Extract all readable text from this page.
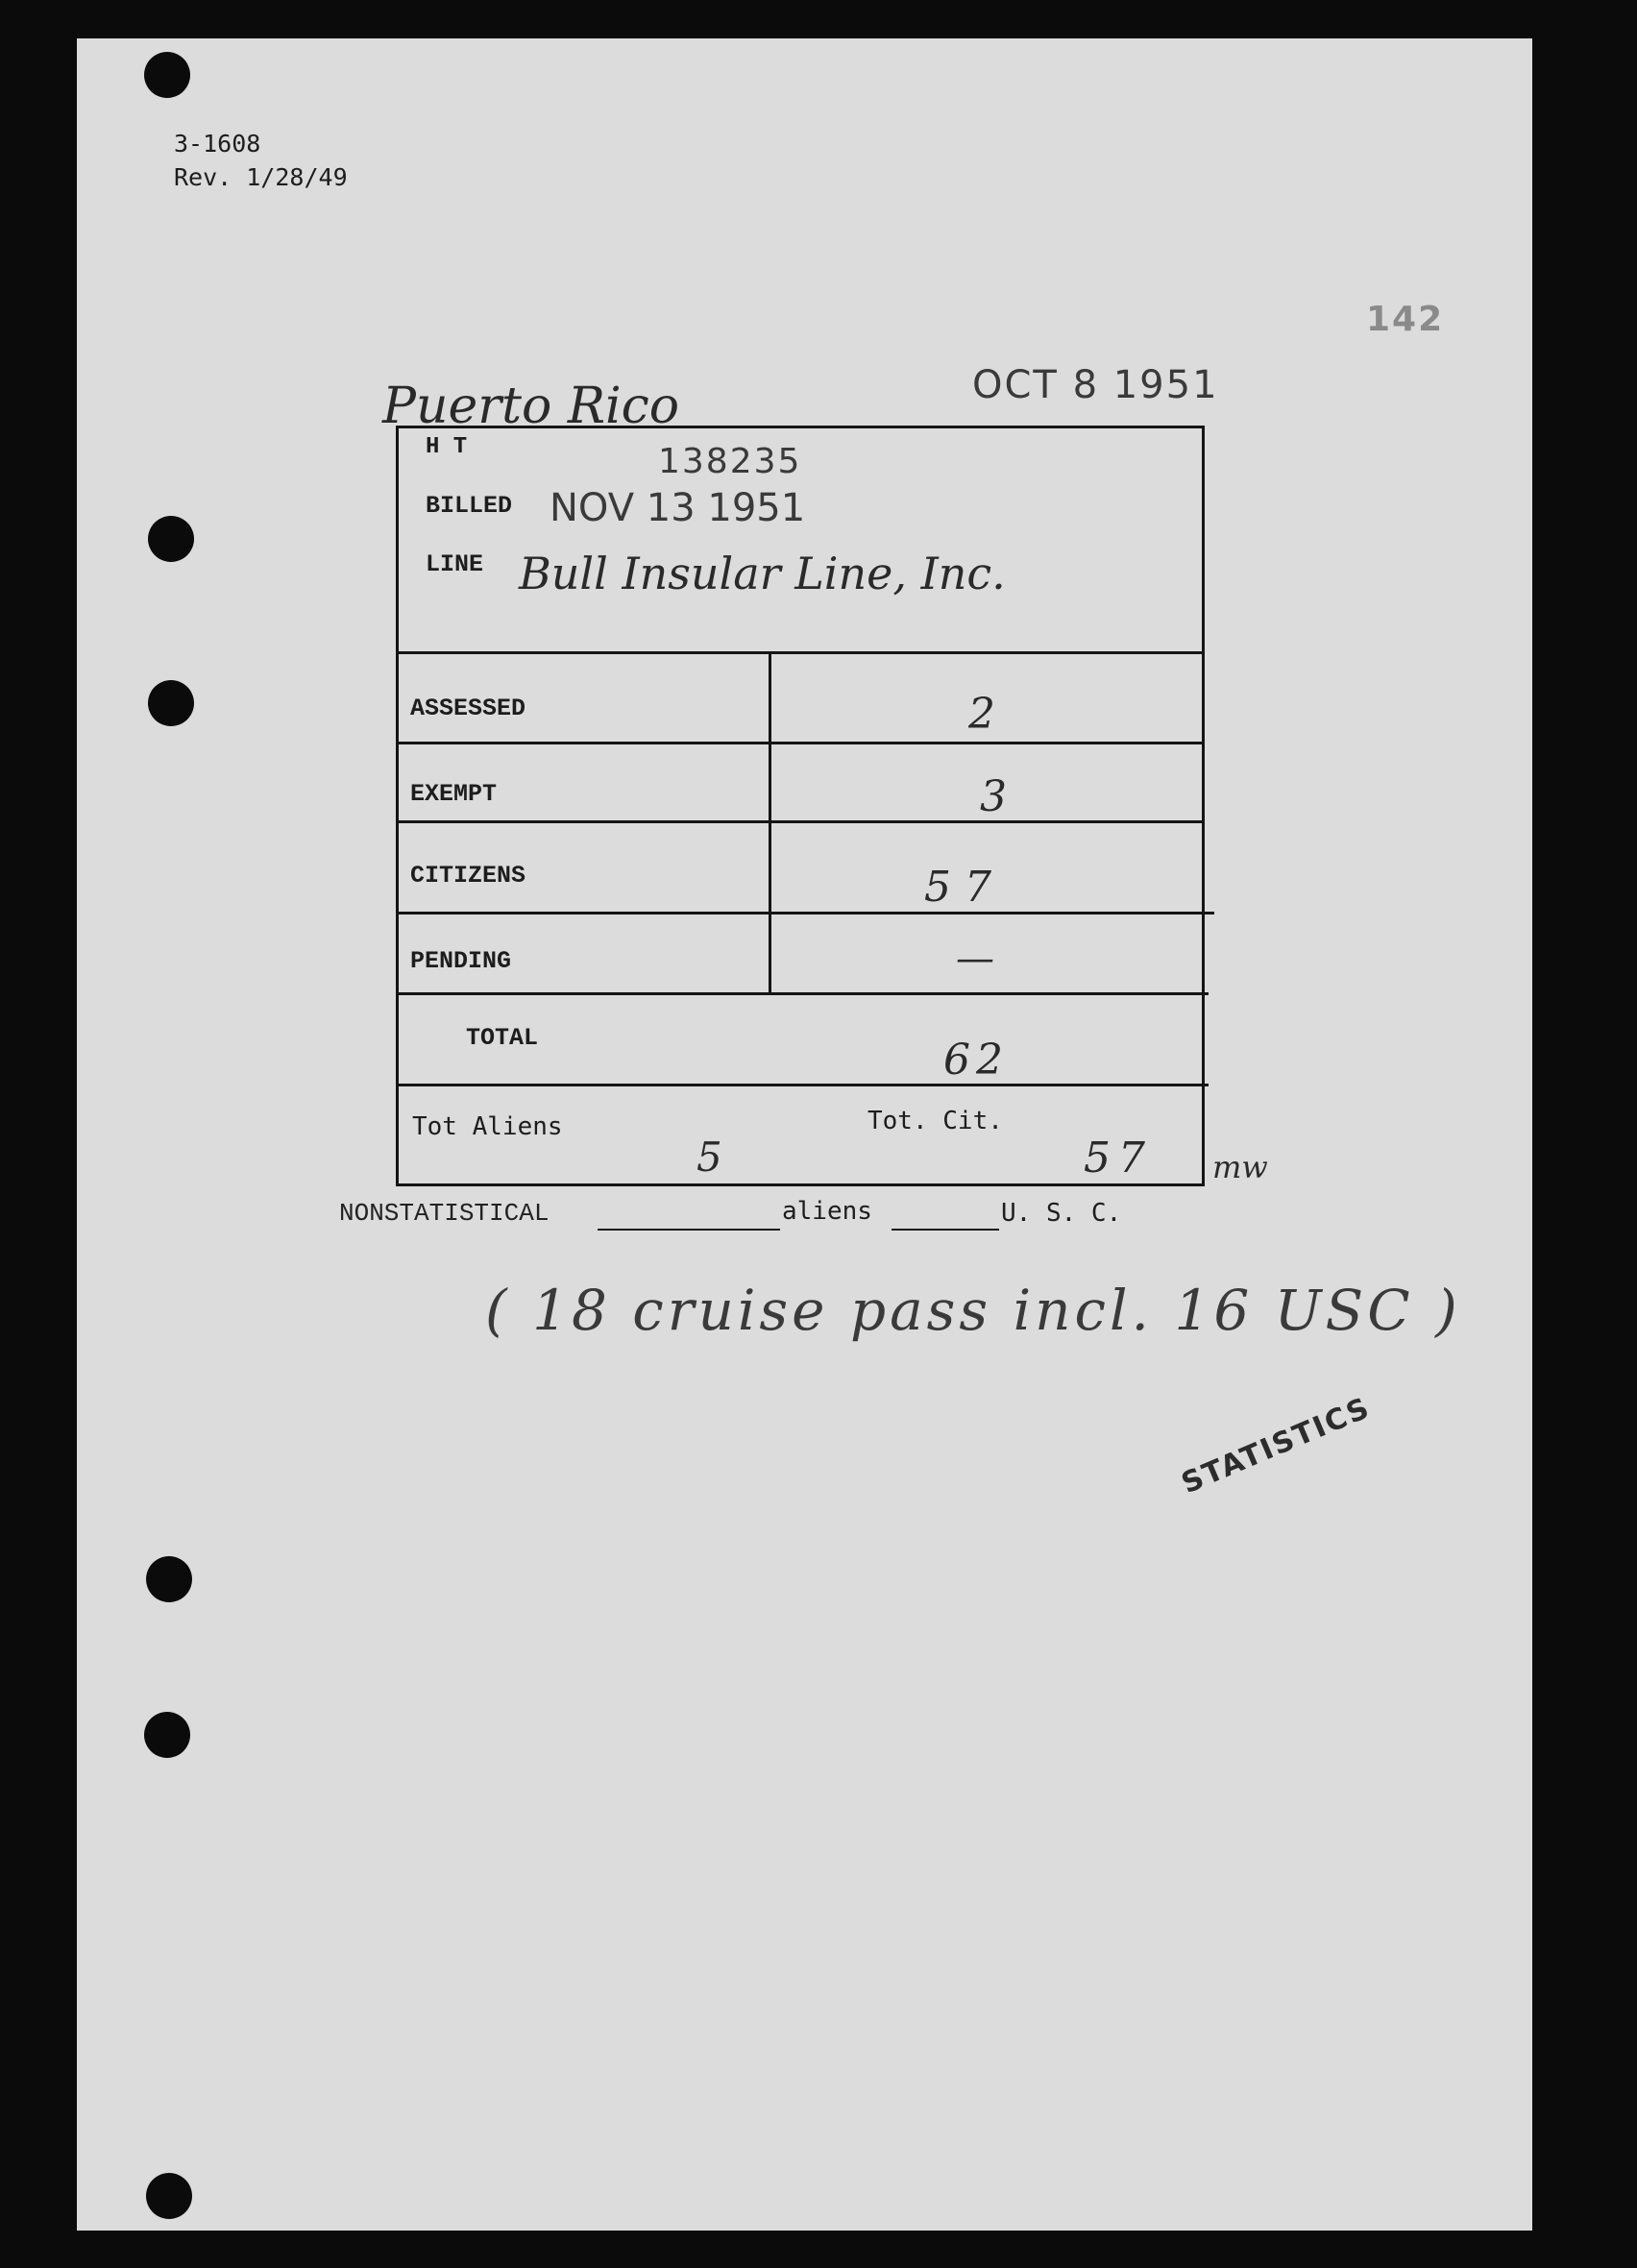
3-1608
Rev. 1/28/49
142
Puerto Rico	OCT 8 1951
H T	138235
BILLED NOV 13 1951
LINE Bull Insular Line, Inc.
ASSESSED	2
EXEMPT	3
CITIZENS	57
PENDING	—
TOTAL	62
Tot Aliens	Tot. Cit.
5	57 mw
NONSTATISTICAL	aliens	U. S. C.
( 18 cruise pass incl. 16 USC )
STATISTICS
